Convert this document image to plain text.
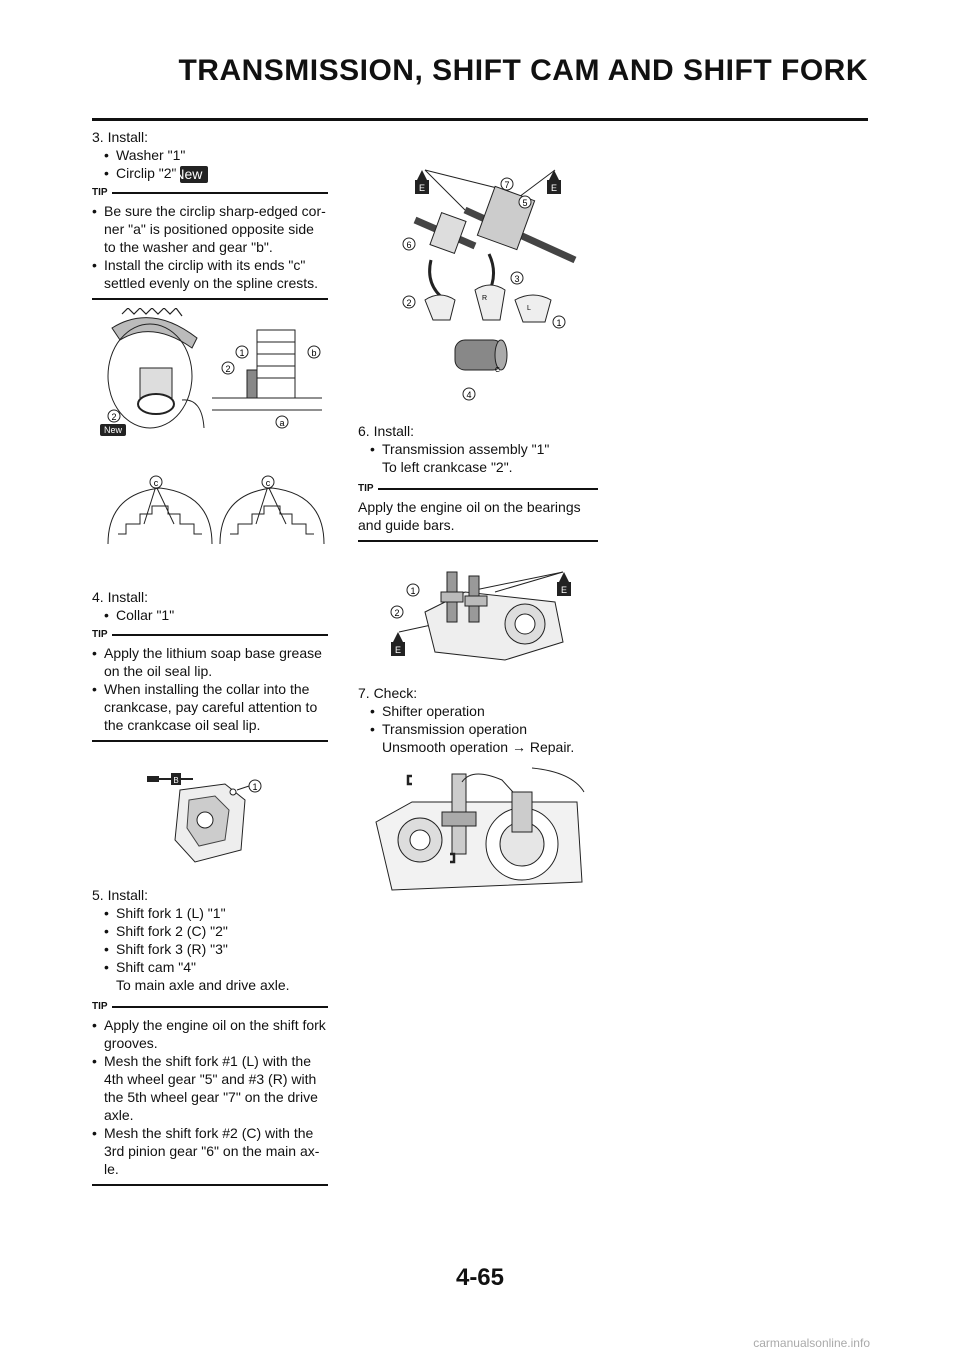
TRANSMISSION, SHIFT CAM AND SHIFT FORK

3. Install:

• Washer "1"

• Circlip "2" New

TIP

• Be sure the circlip sharp-edged cor-ner "a" is positioned opposite side to the washer and gear "b".

• Install the circlip with its ends "c" settled evenly on the spline crests.

1
2
b
a
2
New
c	c

4. Install:

• Collar "1"

TIP

• Apply the lithium soap base grease on the oil seal lip.

• When installing the collar into the crankcase, pay careful attention to the crankcase oil seal lip.

B
1

5. Install:

• Shift fork 1 (L) "1"

• Shift fork 2 (C) "2"

• Shift fork 3 (R) "3"

• Shift cam "4"

To main axle and drive axle.

TIP

• Apply the engine oil on the shift fork grooves.

• Mesh the shift fork #1 (L) with the 4th wheel gear "5" and #3 (R) with the 5th wheel gear "7" on the drive axle.

• Mesh the shift fork #2 (C) with the 3rd pinion gear "6" on the main ax-le.

E	E
R
L
C
7
5
6
3
2
1
4

6. Install:

• Transmission assembly "1"

To left crankcase "2".

TIP

Apply the engine oil on the bearings and guide bars.

E
E
1
2

7. Check:

• Shifter operation

• Transmission operation

Unsmooth operation → Repair.

4-65
carmanualsonline.info
